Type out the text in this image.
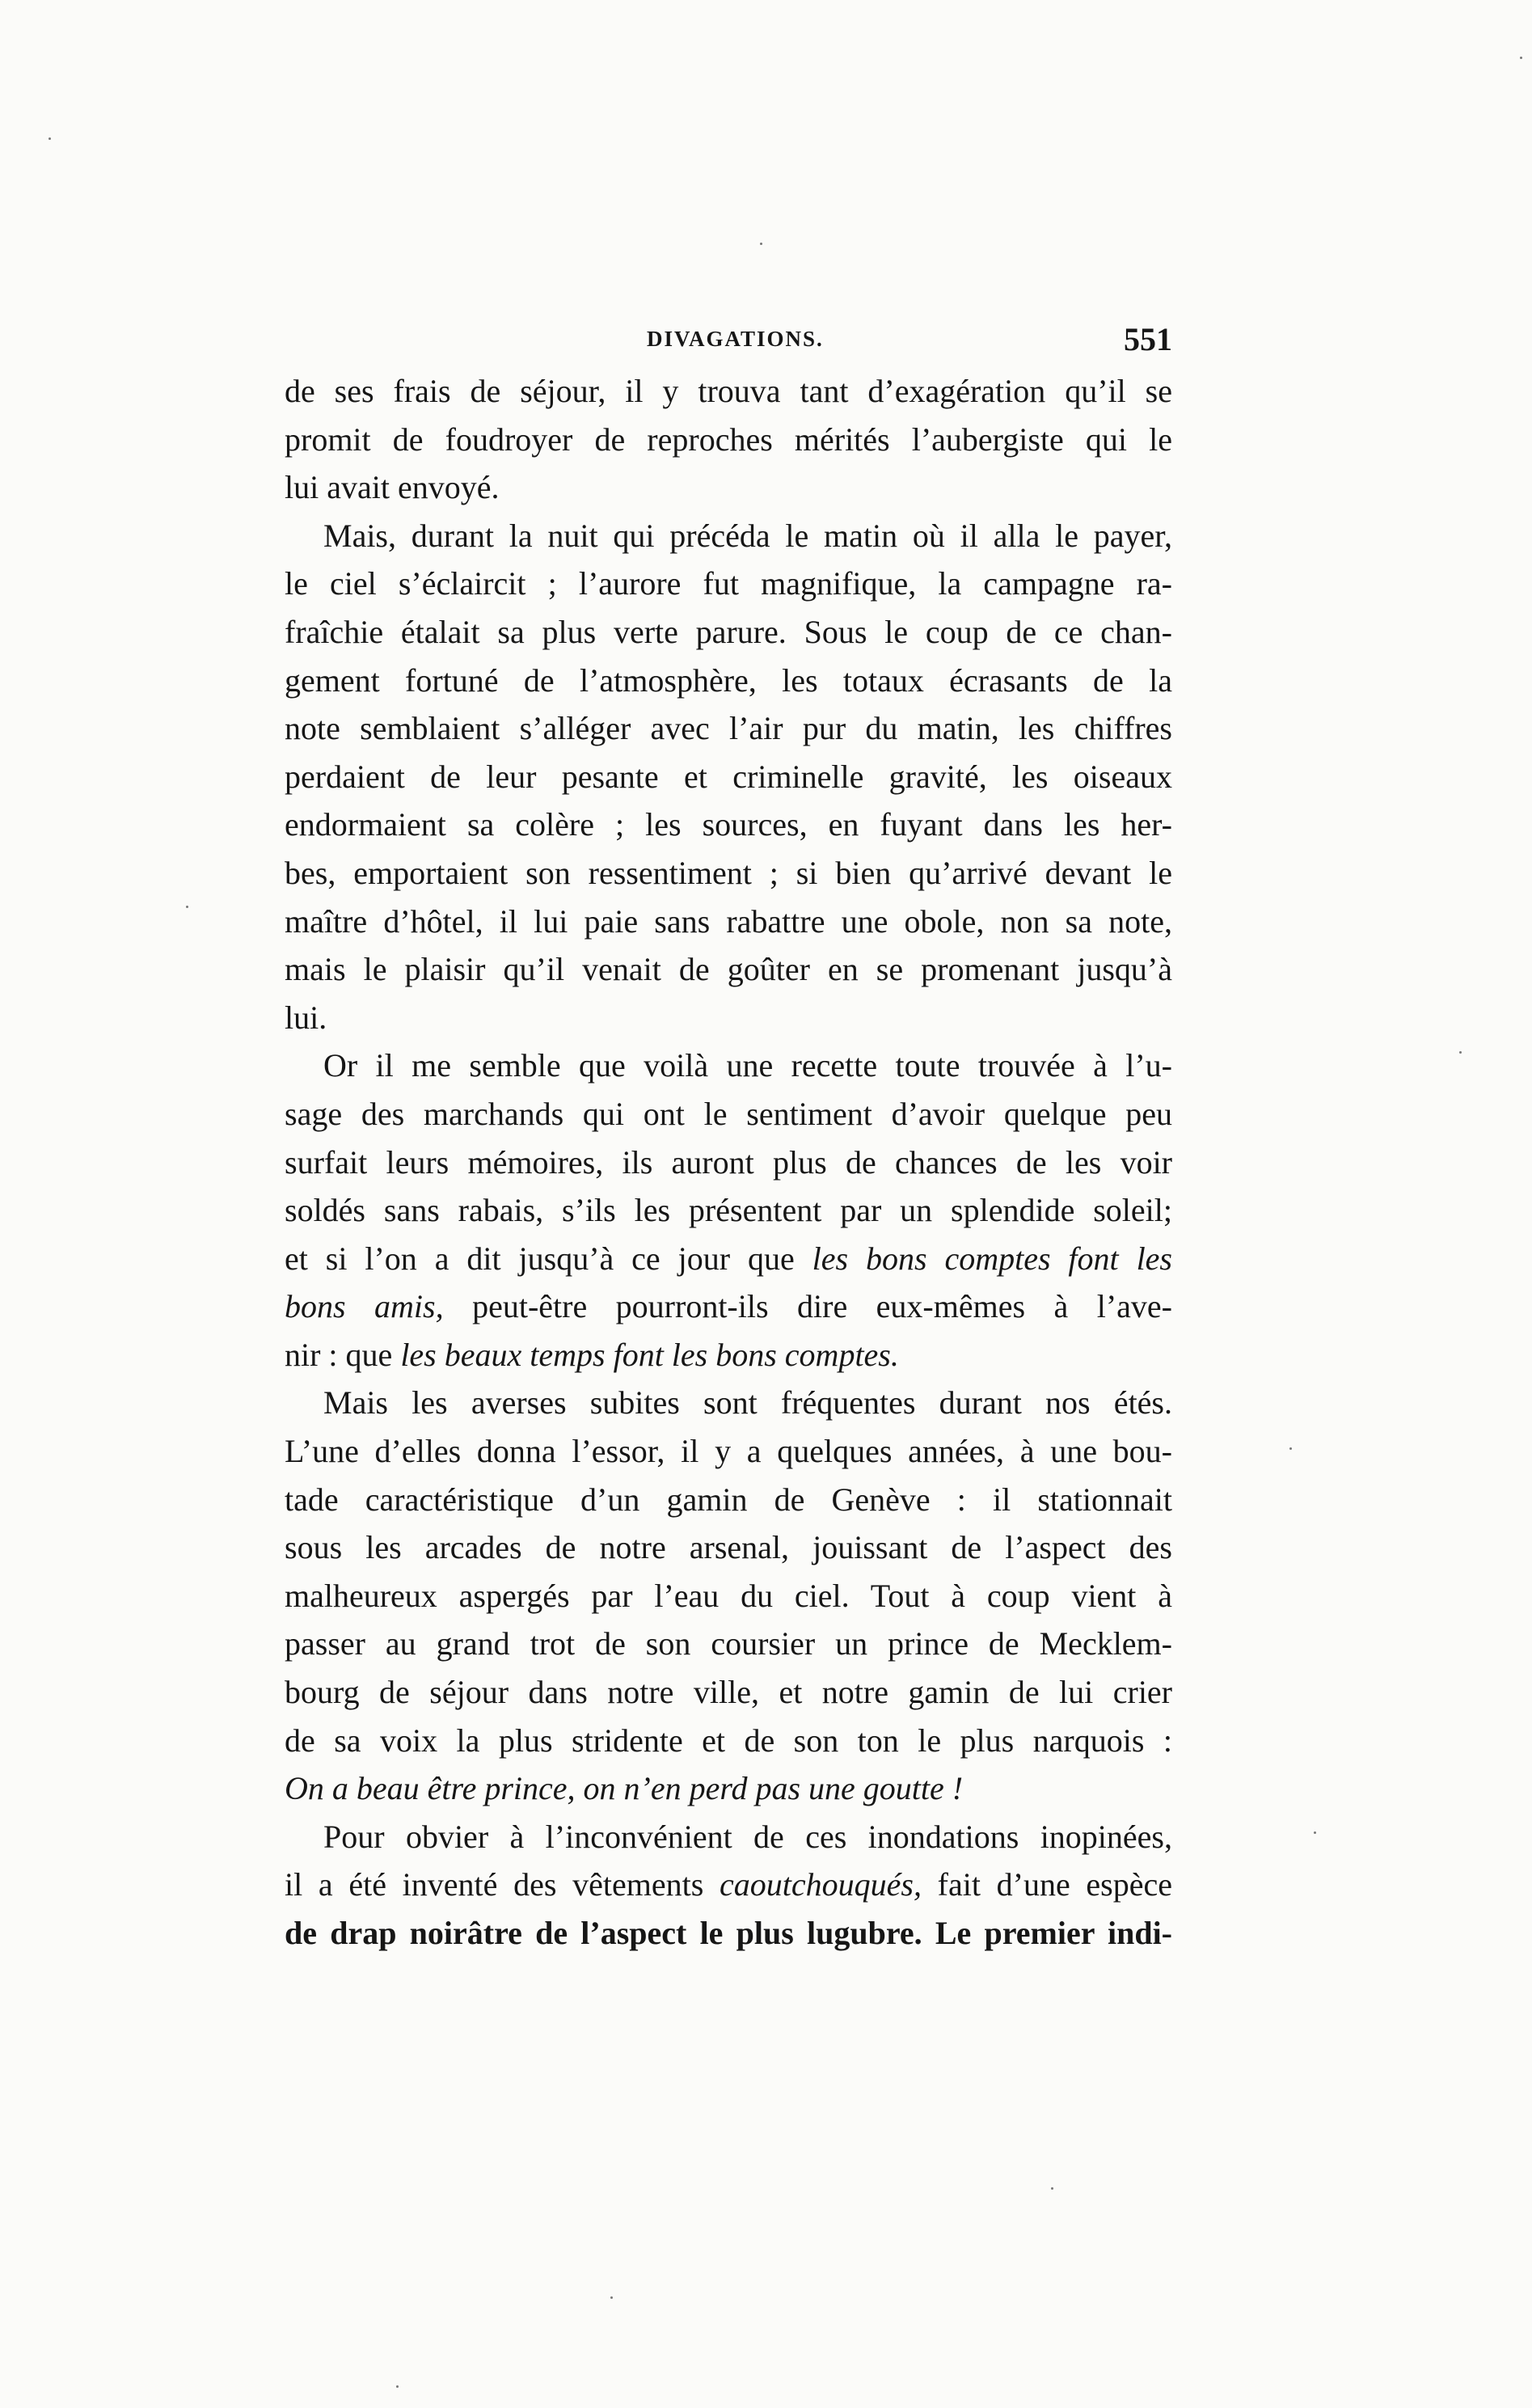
DIVAGATIONS.	551
de ses frais de séjour, il y trouva tant d’exagération qu’il se
promit de foudroyer de reproches mérités l’aubergiste qui le
lui avait envoyé.
Mais, durant la nuit qui précéda le matin où il alla le payer,
le ciel s’éclaircit ; l’aurore fut magnifique, la campagne ra-
fraîchie étalait sa plus verte parure. Sous le coup de ce chan-
gement fortuné de l’atmosphère, les totaux écrasants de la
note semblaient s’alléger avec l’air pur du matin, les chiffres
perdaient de leur pesante et criminelle gravité, les oiseaux
endormaient sa colère ; les sources, en fuyant dans les her-
bes, emportaient son ressentiment ; si bien qu’arrivé devant le
maître d’hôtel, il lui paie sans rabattre une obole, non sa note,
mais le plaisir qu’il venait de goûter en se promenant jusqu’à
lui.
Or il me semble que voilà une recette toute trouvée à l’u-
sage des marchands qui ont le sentiment d’avoir quelque peu
surfait leurs mémoires, ils auront plus de chances de les voir
soldés sans rabais, s’ils les présentent par un splendide soleil;
et si l’on a dit jusqu’à ce jour que les bons comptes font les
bons amis, peut-être pourront-ils dire eux-mêmes à l’ave-
nir : que les beaux temps font les bons comptes.
Mais les averses subites sont fréquentes durant nos étés.
L’une d’elles donna l’essor, il y a quelques années, à une bou-
tade caractéristique d’un gamin de Genève : il stationnait
sous les arcades de notre arsenal, jouissant de l’aspect des
malheureux aspergés par l’eau du ciel. Tout à coup vient à
passer au grand trot de son coursier un prince de Mecklem-
bourg de séjour dans notre ville, et notre gamin de lui crier
de sa voix la plus stridente et de son ton le plus narquois :
On a beau être prince, on n’en perd pas une goutte !
Pour obvier à l’inconvénient de ces inondations inopinées,
il a été inventé des vêtements caoutchouqués, fait d’une espèce
de drap noirâtre de l’aspect le plus lugubre. Le premier indi-
